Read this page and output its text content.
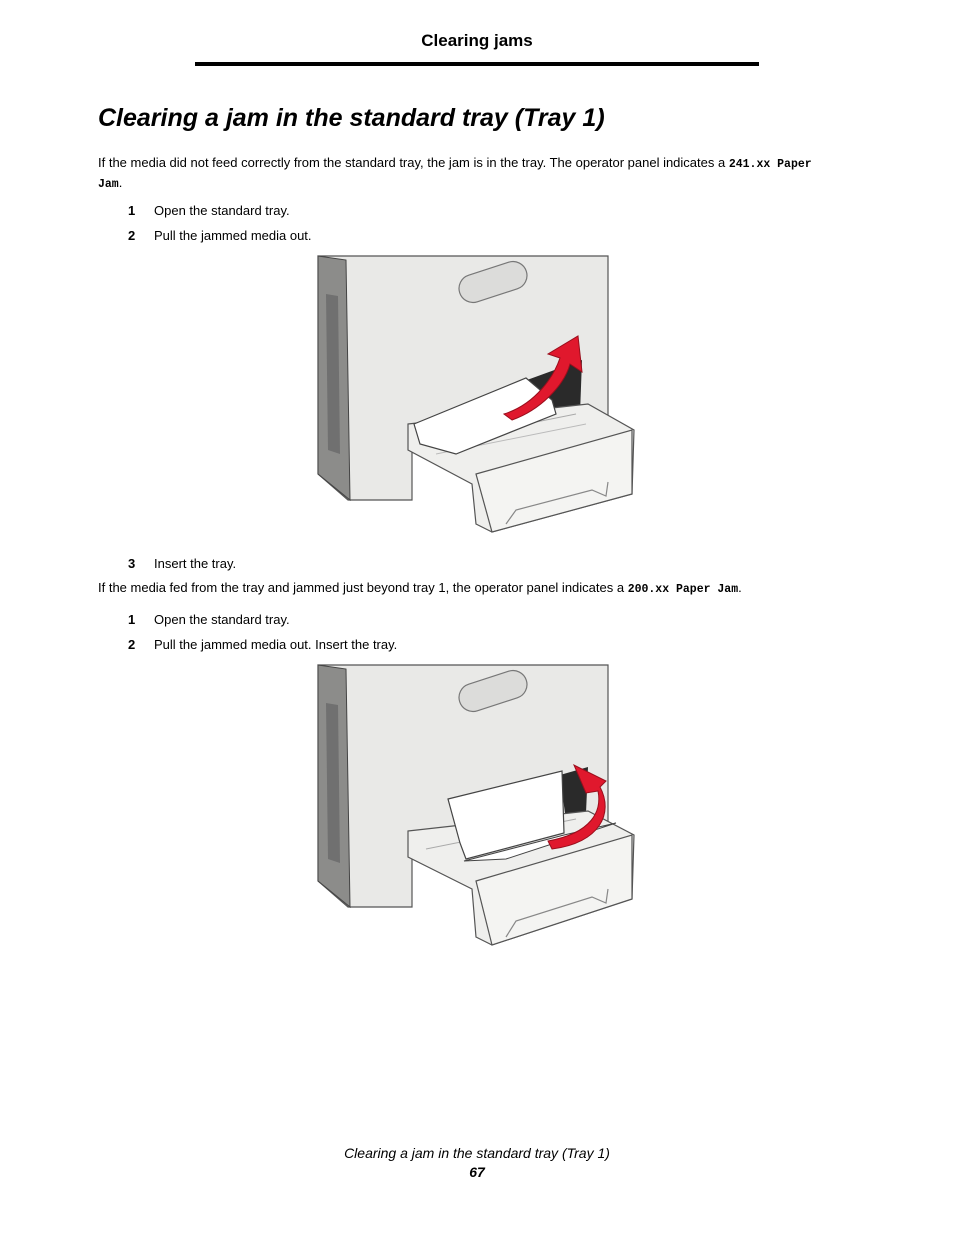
Clearing jams
Clearing a jam in the standard tray (Tray 1)

If the media did not feed correctly from the standard tray, the jam is in the tray. The operator panel indicates a 241.xx Paper Jam.

1 Open the standard tray.
2 Pull the jammed media out.
3 Insert the tray.

If the media fed from the tray and jammed just beyond tray 1, the operator panel indicates a 200.xx Paper Jam.

1 Open the standard tray.
2 Pull the jammed media out. Insert the tray.
Clearing a jam in the standard tray (Tray 1)
67
